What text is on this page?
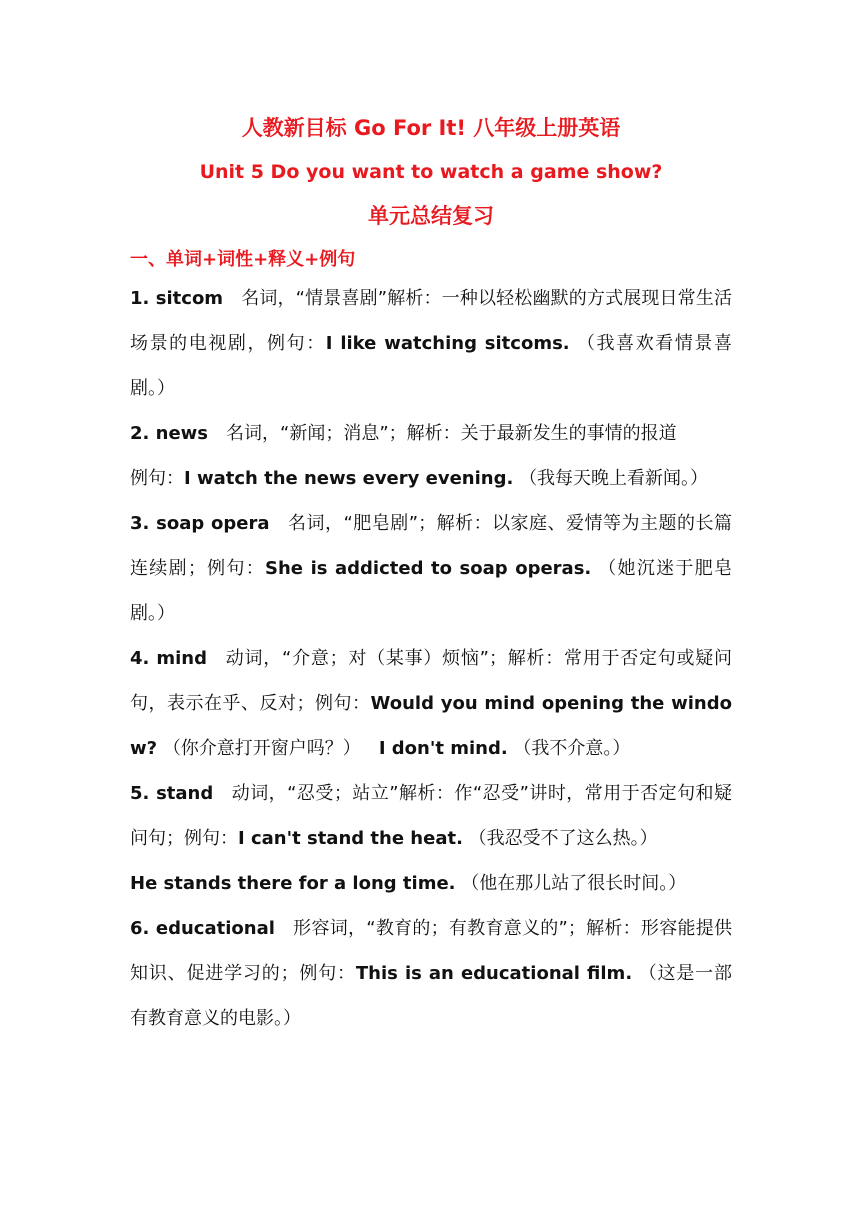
人教新目标 Go For It! 八年级上册英语

Unit 5 Do you want to watch a game show?

单元总结复习

一、单词+词性+释义+例句

1. sitcom 名词，“情景喜剧”解析：一种以轻松幽默的方式展现日常生活场景的电视剧，例句：I like watching sitcoms. （我喜欢看情景喜剧。）

2. news 名词，“新闻；消息”；解析：关于最新发生的事情的报道

例句：I watch the news every evening. （我每天晚上看新闻。）

3. soap opera 名词，“肥皂剧”；解析：以家庭、爱情等为主题的长篇连续剧；例句：She is addicted to soap operas. （她沉迷于肥皂剧。）

4. mind 动词，“介意；对（某事）烦恼”；解析：常用于否定句或疑问句，表示在乎、反对；例句：Would you mind opening the window? （你介意打开窗户吗？） I don't mind. （我不介意。）

5. stand 动词，“忍受；站立”解析：作“忍受”讲时，常用于否定句和疑问句；例句：I can't stand the heat. （我忍受不了这么热。）
He stands there for a long time. （他在那儿站了很长时间。）

6. educational 形容词，“教育的；有教育意义的”；解析：形容能提供知识、促进学习的；例句：This is an educational film. （这是一部有教育意义的电影。）
